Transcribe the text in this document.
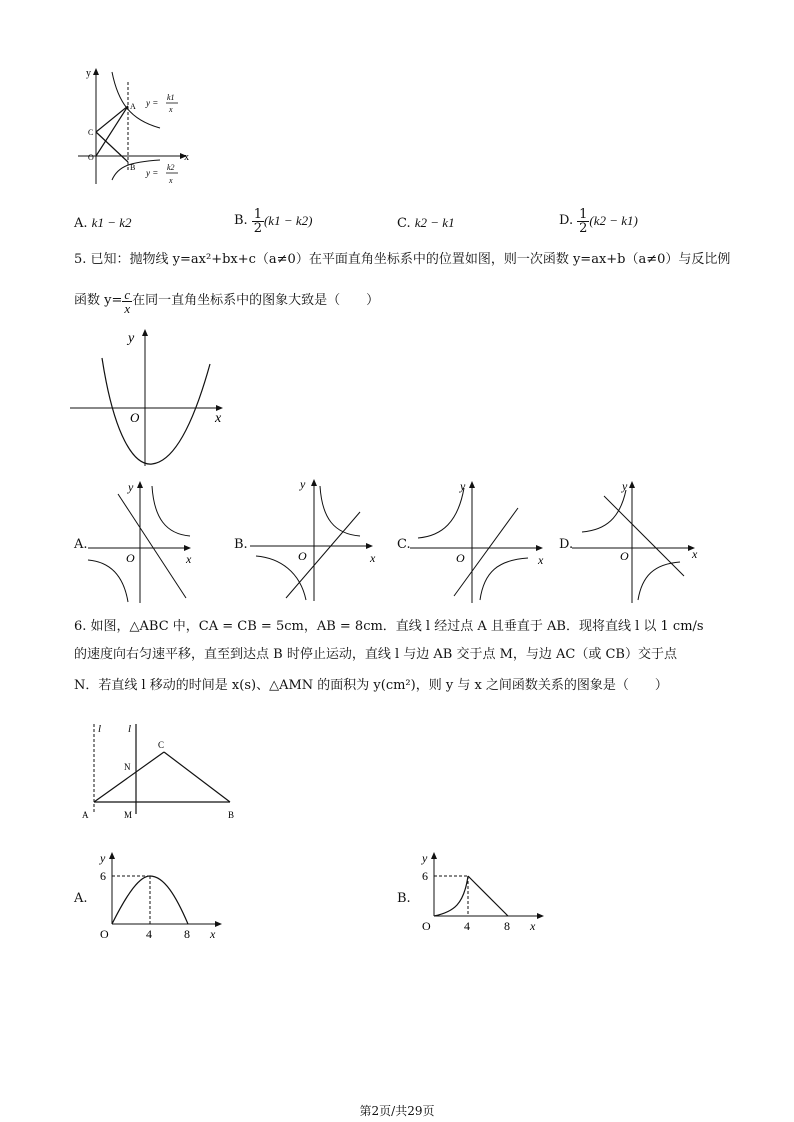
y
x
O
A
B
C
y =
k1
x
y =
k2
x
A. k1 − k2	B. $\frac{1}{2} (k1 - k2)$	C. k2 − k1	D. $\frac{1}{2} (k2 - k1)$
5. 已知：抛物线 y=ax²+bx+c（a≠0）在平面直角坐标系中的位置如图，则一次函数 y=ax+b（a≠0）与反比例
函数 $y= \frac{c}{x}$ 在同一直角坐标系中的图象大致是（　　）
y
x
O
A.
y
x
O
B.
y
x
O
C.
y
x
O
D.
y
x
O
6. 如图，△ABC 中，CA = CB = 5cm，AB = 8cm．直线 l 经过点 A 且垂直于 AB．现将直线 l 以 1 cm/s
的速度向右匀速平移，直至到达点 B 时停止运动，直线 l 与边 AB 交于点 M，与边 AC（或 CB）交于点
N．若直线 l 移动的时间是 x(s)、△AMN 的面积为 y(cm²)，则 y 与 x 之间函数关系的图象是（　　）
l l
C
N
A	M	B
A.
y
6
O	4	8 x
B.
y
6
O	4	8 x
第2页/共29页
